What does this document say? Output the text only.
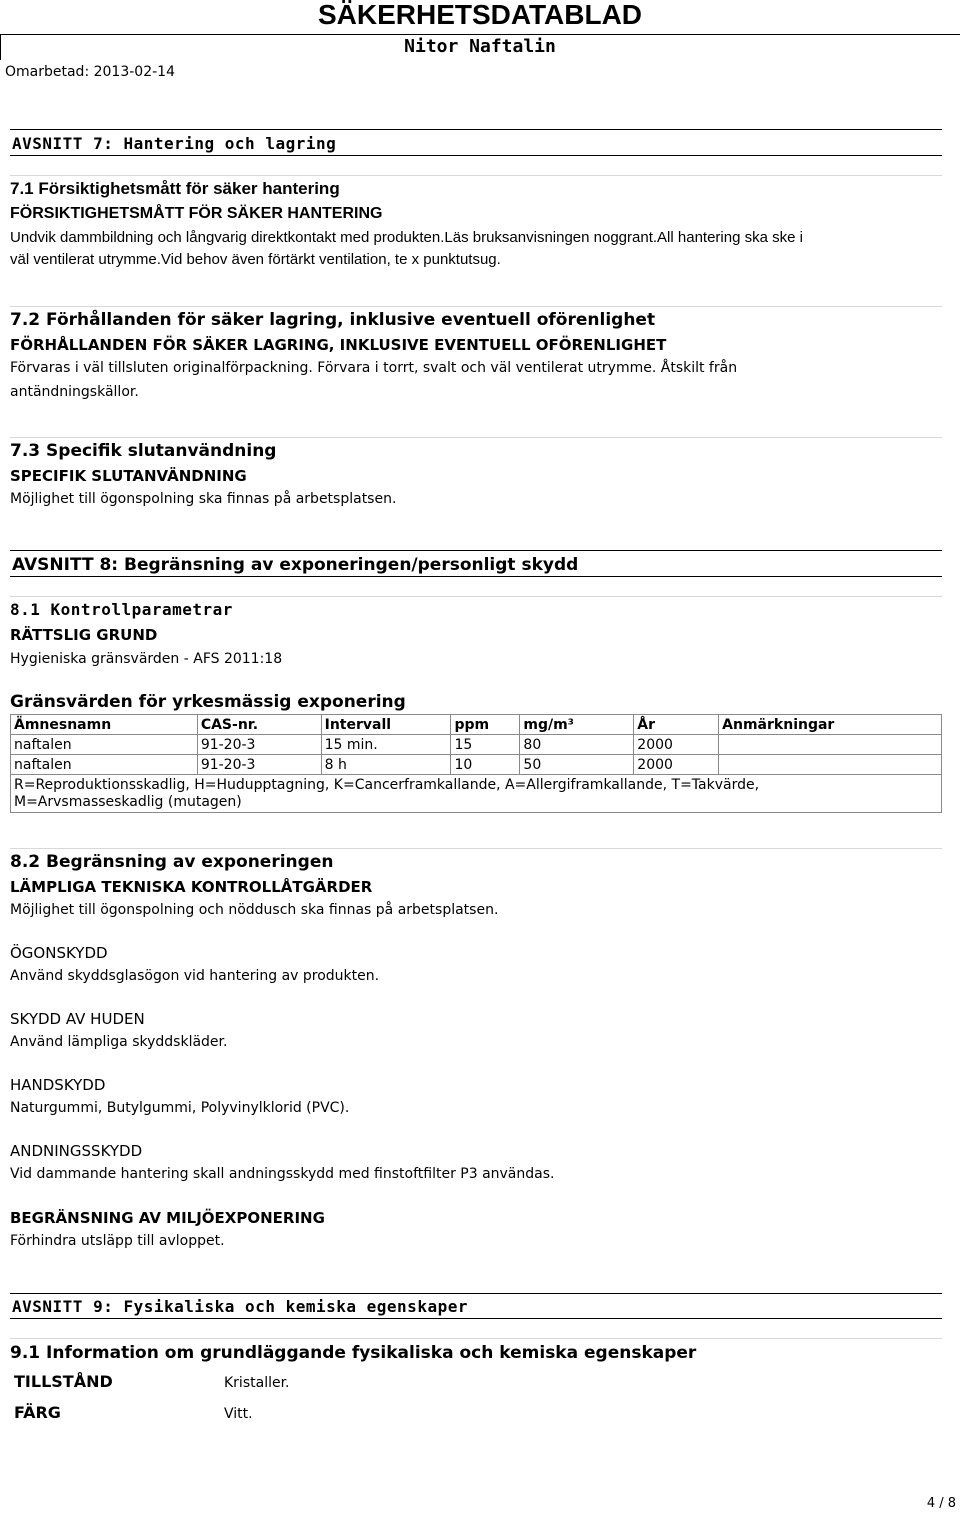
SÄKERHETSDATABLAD
Nitor Naftalin
Omarbetad: 2013-02-14
AVSNITT 7: Hantering och lagring
7.1 Försiktighetsmått för säker hantering
FÖRSIKTIGHETSMÅTT FÖR SÄKER HANTERING
Undvik dammbildning och långvarig direktkontakt med produkten.Läs bruksanvisningen noggrant.All hantering ska ske i
väl ventilerat utrymme.Vid behov även förtärkt ventilation, te x punktutsug.
7.2 Förhållanden för säker lagring, inklusive eventuell oförenlighet
FÖRHÅLLANDEN FÖR SÄKER LAGRING, INKLUSIVE EVENTUELL OFÖRENLIGHET
Förvaras i väl tillsluten originalförpackning. Förvara i torrt, svalt och väl ventilerat utrymme. Åtskilt från
antändningskällor.
7.3 Specifik slutanvändning
SPECIFIK SLUTANVÄNDNING
Möjlighet till ögonspolning ska finnas på arbetsplatsen.
AVSNITT 8: Begränsning av exponeringen/personligt skydd
8.1 Kontrollparametrar
RÄTTSLIG GRUND
Hygieniska gränsvärden - AFS 2011:18
Gränsvärden för yrkesmässig exponering
Ämnesnamn	CAS-nr.	Intervall	ppm	mg/m³	År	Anmärkningar
naftalen	91-20-3	15 min.	15	80	2000	
naftalen	91-20-3	8 h	10	50	2000	

R=Reproduktionsskadlig, H=Hudupptagning, K=Cancerframkallande, A=Allergiframkallande, T=Takvärde,
M=Arvsmasseskadlig (mutagen)						
8.2 Begränsning av exponeringen
LÄMPLIGA TEKNISKA KONTROLLÅTGÄRDER
Möjlighet till ögonspolning och nöddusch ska finnas på arbetsplatsen.
ÖGONSKYDD
Använd skyddsglasögon vid hantering av produkten.
SKYDD AV HUDEN
Använd lämpliga skyddskläder.
HANDSKYDD
Naturgummi, Butylgummi, Polyvinylklorid (PVC).
ANDNINGSSKYDD
Vid dammande hantering skall andningsskydd med finstoftfilter P3 användas.
BEGRÄNSNING AV MILJÖEXPONERING
Förhindra utsläpp till avloppet.
AVSNITT 9: Fysikaliska och kemiska egenskaper
9.1 Information om grundläggande fysikaliska och kemiska egenskaper
TILLSTÅND	Kristaller.
FÄRG	Vitt.
4 / 8
